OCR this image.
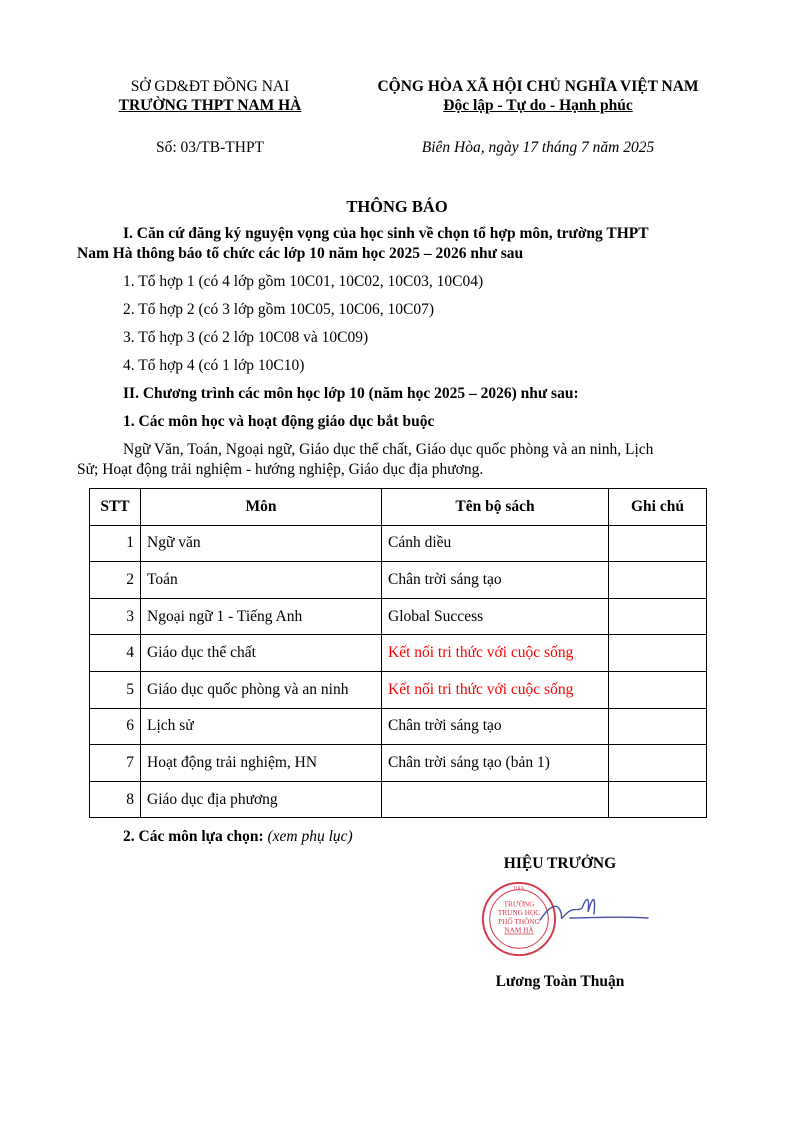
SỞ GD&ĐT ĐỒNG NAI
TRƯỜNG THPT NAM HÀ
CỘNG HÒA XÃ HỘI CHỦ NGHĨA VIỆT NAM
Độc lập - Tự do - Hạnh phúc
Số: 03/TB-THPT	Biên Hòa, ngày 17 tháng 7 năm 2025
THÔNG BÁO
I. Căn cứ đăng ký nguyện vọng của học sinh về chọn tổ hợp môn, trường THPT
Nam Hà thông báo tổ chức các lớp 10 năm học 2025 – 2026 như sau
1. Tổ hợp 1 (có 4 lớp gồm 10C01, 10C02, 10C03, 10C04)
2. Tổ hợp 2 (có 3 lớp gồm 10C05, 10C06, 10C07)
3. Tổ hợp 3 (có 2 lớp 10C08 và 10C09)
4. Tổ hợp 4 (có 1 lớp 10C10)
II. Chương trình các môn học lớp 10 (năm học 2025 – 2026) như sau:
1. Các môn học và hoạt động giáo dục bắt buộc
Ngữ Văn, Toán, Ngoại ngữ, Giáo dục thể chất, Giáo dục quốc phòng và an ninh, Lịch
Sử; Hoạt động trải nghiệm - hướng nghiệp, Giáo dục địa phương.
STT	Môn	Tên bộ sách	Ghi chú
1	Ngữ văn	Cánh diều	
2	Toán	Chân trời sáng tạo	
3	Ngoại ngữ 1 - Tiếng Anh	Global Success	
4	Giáo dục thể chất	Kết nối tri thức với cuộc sống	
5	Giáo dục quốc phòng và an ninh	Kết nối tri thức với cuộc sống	
6	Lịch sử	Chân trời sáng tạo	
7	Hoạt động trải nghiệm, HN	Chân trời sáng tạo (bản 1)	
8	Giáo dục địa phương		
2. Các môn lựa chọn: (xem phụ lục)
HIỆU TRƯỞNG
DÂN
TRƯỜNG
TRUNG HỌC
PHỔ THÔNG
NAM HÀ
Lương Toàn Thuận
